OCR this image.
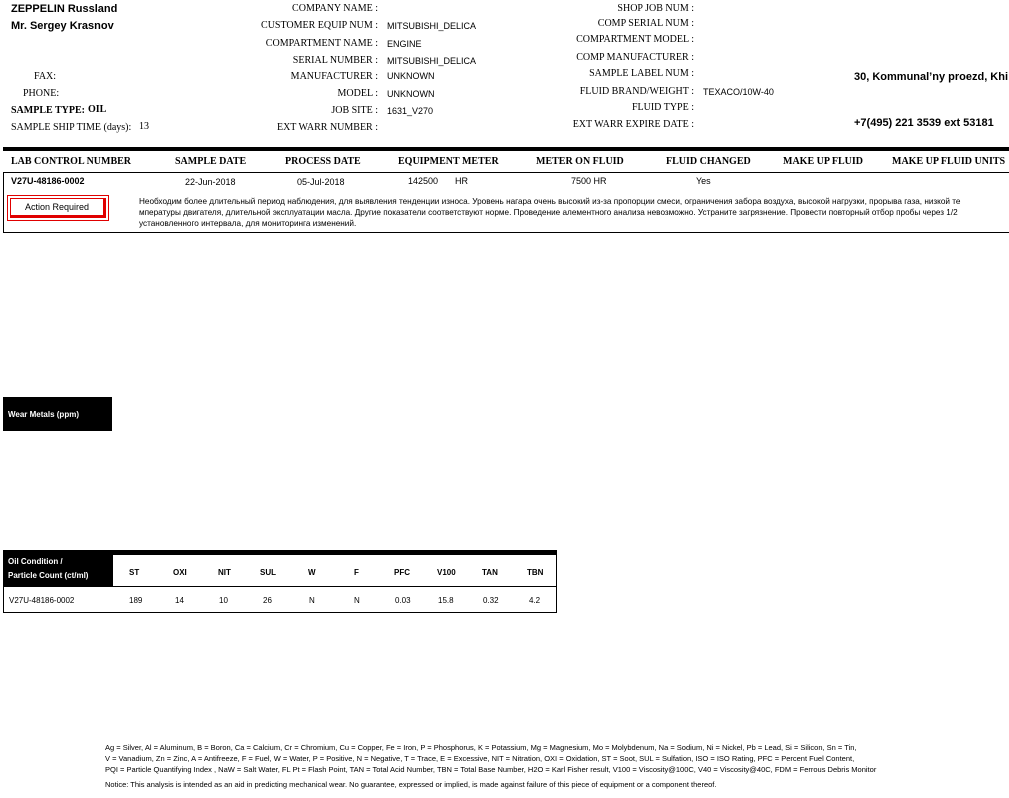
ZEPPELIN Russland
Mr. Sergey Krasnov
FAX:
PHONE:
SAMPLE TYPE: OIL
SAMPLE SHIP TIME (days): 13
COMPANY NAME :
CUSTOMER EQUIP NUM : MITSUBISHI_DELICA
COMPARTMENT NAME : ENGINE
SERIAL NUMBER : MITSUBISHI_DELICA
MANUFACTURER : UNKNOWN
MODEL : UNKNOWN
JOB SITE : 1631_V270
EXT WARR NUMBER :
SHOP JOB NUM :
COMP SERIAL NUM :
COMPARTMENT MODEL :
COMP MANUFACTURER :
SAMPLE LABEL NUM :
FLUID BRAND/WEIGHT : TEXACO/10W-40
FLUID TYPE :
EXT WARR EXPIRE DATE :
30, Kommunal’ny proezd, Khi
+7(495) 221 3539 ext 53181
LAB CONTROL NUMBER	SAMPLE DATE	PROCESS DATE	EQUIPMENT METER	METER ON FLUID	FLUID CHANGED	MAKE UP FLUID	MAKE UP FLUID UNITS
V27U-48186-0002	22-Jun-2018	05-Jul-2018	142500 HR	7500 HR	Yes
Action Required
Необходим более длительный период наблюдения, для выявления тенденции износа. Уровень нагара очень высокий из-за пропорции смеси, ограничения забора воздуха, высокой нагрузки, прорыва газа, низкой те
мпературы двигателя, длительной эксплуатации масла. Другие показатели соответствуют норме. Проведение алементного анализа невозможно. Устраните загрязнение. Провести повторный отбор пробы через 1/2
установленного интервала, для мониторинга изменений.
Wear Metals (ppm)
Oil Condition /
Particle Count (ct/ml)	ST	OXI	NIT	SUL	W	F	PFC	V100	TAN	TBN
V27U-48186-0002	189	14	10	26	N	N	0.03	15.8	0.32	4.2
Ag = Silver, Al = Aluminum, B = Boron, Ca = Calcium, Cr = Chromium, Cu = Copper, Fe = Iron, P = Phosphorus, K = Potassium, Mg = Magnesium, Mo = Molybdenum, Na = Sodium, Ni = Nickel, Pb = Lead, Si = Silicon, Sn = Tin,
V = Vanadium, Zn = Zinc, A = Antifreeze, F = Fuel, W = Water, P = Positive, N = Negative, T = Trace, E = Excessive, NIT = Nitration, OXI = Oxidation, ST = Soot, SUL = Sulfation, ISO = ISO Rating, PFC = Percent Fuel Content,
PQI = Particle Quantifying Index , NaW = Salt Water, FL Pt = Flash Point, TAN = Total Acid Number, TBN = Total Base Number, H2O = Karl Fisher result, V100 = Viscosity@100C, V40 = Viscosity@40C, FDM = Ferrous Debris Monitor
Notice: This analysis is intended as an aid in predicting mechanical wear. No guarantee, expressed or implied, is made against failure of this piece of equipment or a component thereof.
